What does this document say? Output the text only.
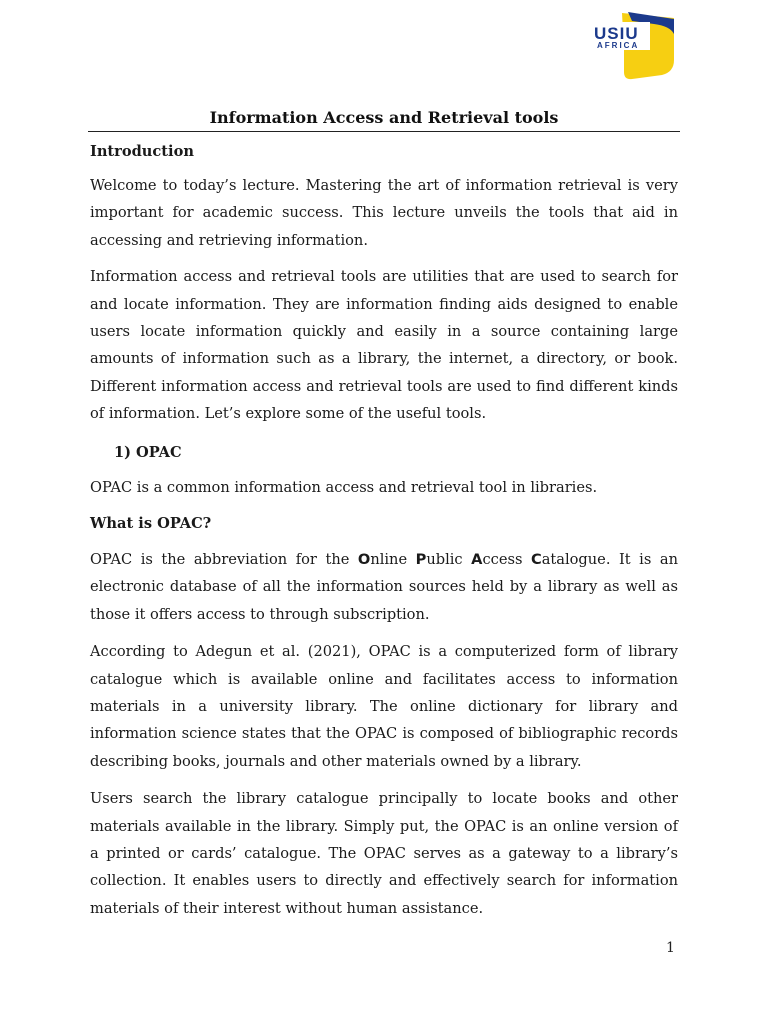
USIU
AFRICA
Information Access and Retrieval tools

Introduction

Welcome to today’s lecture. Mastering the art of information retrieval is very important for academic success. This lecture unveils the tools that aid in accessing and retrieving information.

Information access and retrieval tools are utilities that are used to search for and locate information. They are information finding aids designed to enable users locate information quickly and easily in a source containing large amounts of information such as a library, the internet, a directory, or book. Different information access and retrieval tools are used to find different kinds of information. Let’s explore some of the useful tools.

1) OPAC

OPAC is a common information access and retrieval tool in libraries.

What is OPAC?

OPAC is the abbreviation for the Online Public Access Catalogue. It is an electronic database of all the information sources held by a library as well as those it offers access to through subscription.

According to Adegun et al. (2021), OPAC is a computerized form of library catalogue which is available online and facilitates access to information materials in a university library. The online dictionary for library and information science states that the OPAC is composed of bibliographic records describing books, journals and other materials owned by a library.

Users search the library catalogue principally to locate books and other materials available in the library. Simply put, the OPAC is an online version of a printed or cards’ catalogue. The OPAC serves as a gateway to a library’s collection. It enables users to directly and effectively search for information materials of their interest without human assistance.

1
